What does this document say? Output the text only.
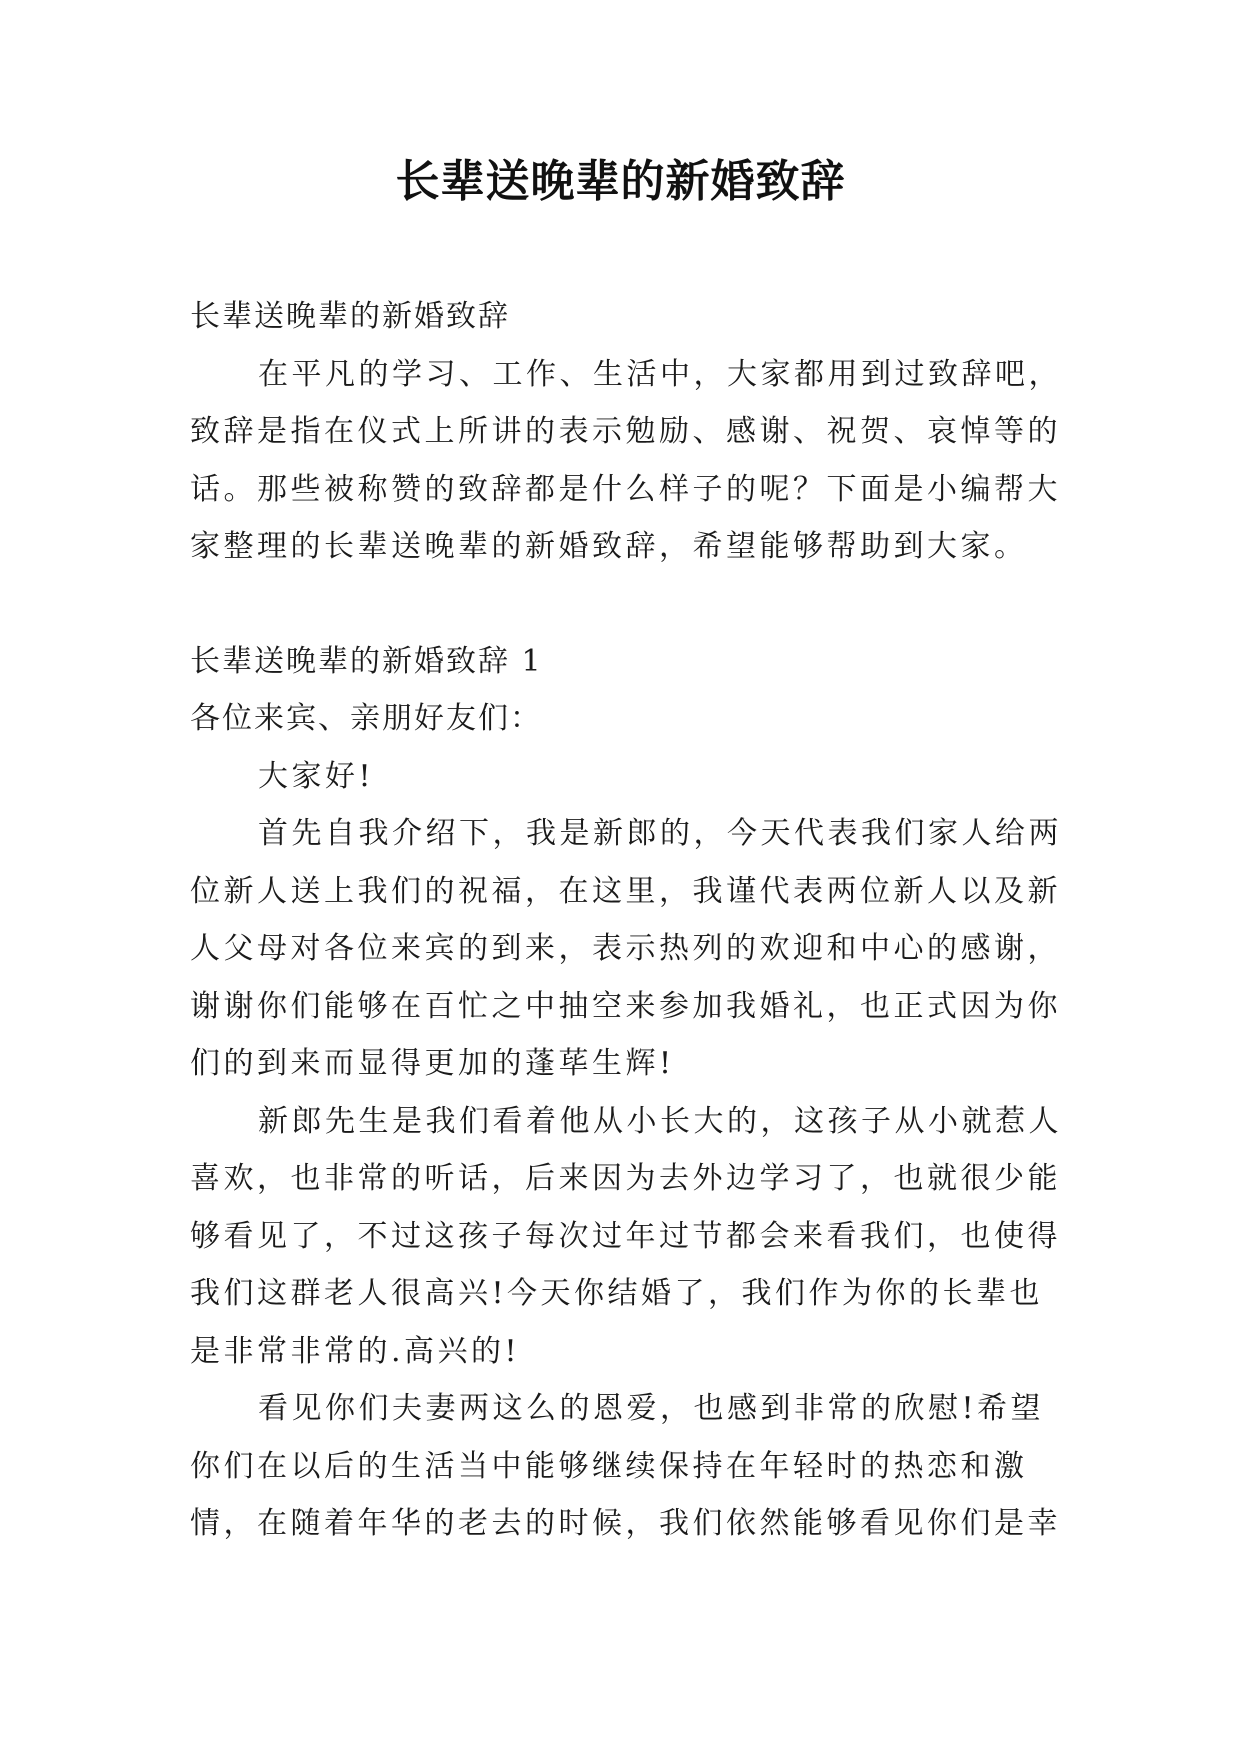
长辈送晚辈的新婚致辞

长辈送晚辈的新婚致辞

在平凡的学习、工作、生活中，大家都用到过致辞吧，致辞是指在仪式上所讲的表示勉励、感谢、祝贺、哀悼等的话。那些被称赞的致辞都是什么样子的呢？下面是小编帮大家整理的长辈送晚辈的新婚致辞，希望能够帮助到大家。

长辈送晚辈的新婚致辞 1

各位来宾、亲朋好友们：

大家好!

首先自我介绍下，我是新郎的，今天代表我们家人给两位新人送上我们的祝福，在这里，我谨代表两位新人以及新人父母对各位来宾的到来，表示热列的欢迎和中心的感谢，谢谢你们能够在百忙之中抽空来参加我婚礼，也正式因为你们的到来而显得更加的蓬荜生辉!

新郎先生是我们看着他从小长大的，这孩子从小就惹人喜欢，也非常的听话，后来因为去外边学习了，也就很少能够看见了，不过这孩子每次过年过节都会来看我们，也使得我们这群老人很高兴!今天你结婚了，我们作为你的长辈也是非常非常的.高兴的!

看见你们夫妻两这么的恩爱，也感到非常的欣慰!希望你们在以后的生活当中能够继续保持在年轻时的热恋和激情，在随着年华的老去的时候，我们依然能够看见你们是幸
